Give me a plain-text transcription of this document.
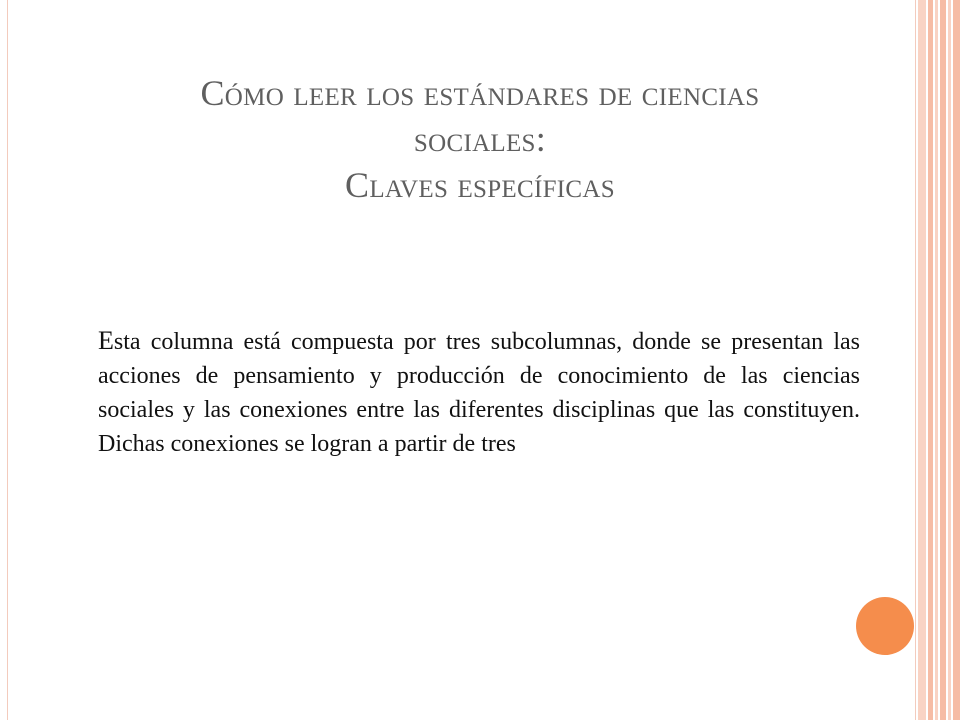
Cómo leer los estándares de ciencias
sociales:
Claves específicas

Esta columna está compuesta por tres subcolumnas, donde se presentan las acciones de pensamiento y producción de conocimiento de las ciencias sociales y las conexiones entre las diferentes disciplinas que las constituyen. Dichas conexiones se logran a partir de tres
